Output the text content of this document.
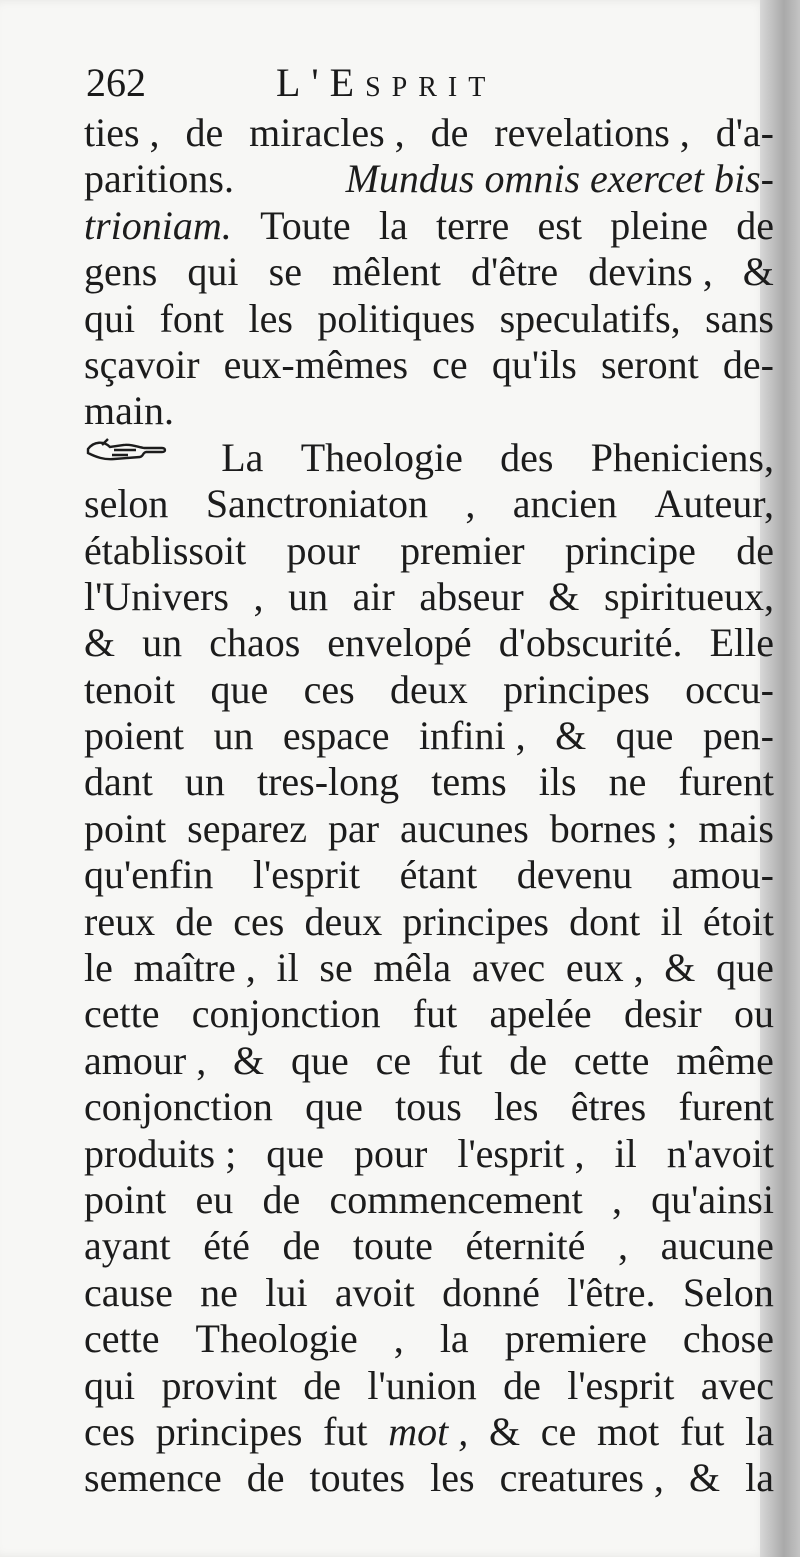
262	L'Esprit
ties , de miracles , de revelations , d'a-
paritions.	Mundus omnis exercet bis-
trioniam. Toute la terre est pleine de
gens qui se mêlent d'être devins , &
qui font les politiques speculatifs, sans
sçavoir eux-mêmes ce qu'ils seront de-
main.
La Theologie des Pheniciens,
selon Sanctroniaton , ancien Auteur,
établissoit pour premier principe de
l'Univers , un air abseur & spiritueux,
& un chaos envelopé d'obscurité. Elle
tenoit que ces deux principes occu-
poient un espace infini , & que pen-
dant un tres-long tems ils ne furent
point separez par aucunes bornes ; mais
qu'enfin l'esprit étant devenu amou-
reux de ces deux principes dont il étoit
le maître , il se mêla avec eux , & que
cette conjonction fut apelée desir ou
amour , & que ce fut de cette même
conjonction que tous les êtres furent
produits ; que pour l'esprit , il n'avoit
point eu de commencement , qu'ainsi
ayant été de toute éternité , aucune
cause ne lui avoit donné l'être. Selon
cette Theologie , la premiere chose
qui provint de l'union de l'esprit avec
ces principes fut mot , & ce mot fut la
semence de toutes les creatures , & la
